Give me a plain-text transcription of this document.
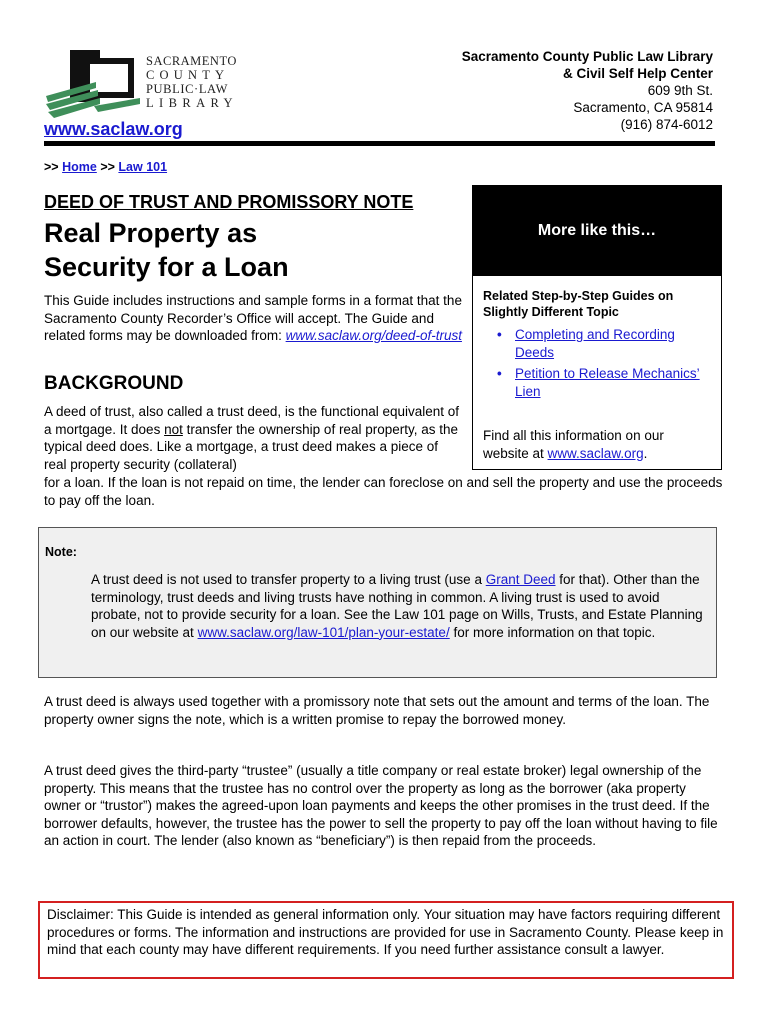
SACRAMENTO
COUNTY
PUBLIC·LAW
LIBRARY
www.saclaw.org
Sacramento County Public Law Library
& Civil Self Help Center
609 9th St.
Sacramento, CA 95814
(916) 874-6012
>> Home >> Law 101
DEED OF TRUST AND PROMISSORY NOTE
Real Property as
Security for a Loan

This Guide includes instructions and sample forms in a format that the Sacramento County Recorder’s Office will accept. The Guide and related forms may be downloaded from: www.saclaw.org/deed-of-trust

BACKGROUND

A deed of trust, also called a trust deed, is the functional equivalent of a mortgage. It does not transfer the ownership of real property, as the typical deed does. Like a mortgage, a trust deed makes a piece of real property security (collateral)

for a loan. If the loan is not repaid on time, the lender can foreclose on and sell the property and use the proceeds to pay off the loan.

More like this…
Related Step-by-Step Guides on Slightly Different Topic
• Completing and Recording Deeds
• Petition to Release Mechanics’ Lien

Find all this information on our website at www.saclaw.org.

Note:

A trust deed is not used to transfer property to a living trust (use a Grant Deed for that). Other than the terminology, trust deeds and living trusts have nothing in common. A living trust is used to avoid probate, not to provide security for a loan. See the Law 101 page on Wills, Trusts, and Estate Planning on our website at www.saclaw.org/law-101/plan-your-estate/ for more information on that topic.

A trust deed is always used together with a promissory note that sets out the amount and terms of the loan. The property owner signs the note, which is a written promise to repay the borrowed money.

A trust deed gives the third-party “trustee” (usually a title company or real estate broker) legal ownership of the property. This means that the trustee has no control over the property as long as the borrower (aka property owner or “trustor”) makes the agreed-upon loan payments and keeps the other promises in the trust deed. If the borrower defaults, however, the trustee has the power to sell the property to pay off the loan without having to file an action in court. The lender (also known as “beneficiary”) is then repaid from the proceeds.

Disclaimer: This Guide is intended as general information only. Your situation may have factors requiring different procedures or forms. The information and instructions are provided for use in Sacramento County. Please keep in mind that each county may have different requirements. If you need further assistance consult a lawyer.
